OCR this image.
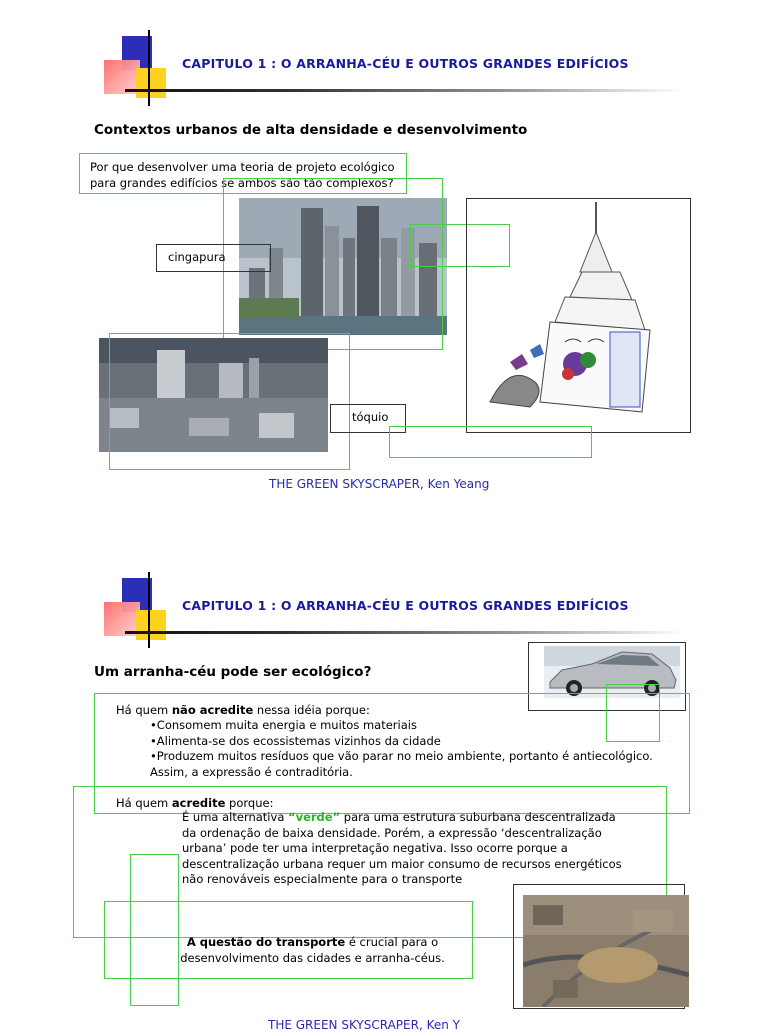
CAPITULO 1 : O ARRANHA-CÉU E OUTROS GRANDES EDIFÍCIOS
Contextos urbanos de alta densidade e desenvolvimento
Por que desenvolver uma teoria de projeto ecológico
para grandes edifícios se ambos são tão complexos?
cingapura
tóquio
THE GREEN SKYSCRAPER, Ken Yeang
CAPITULO 1 : O ARRANHA-CÉU E OUTROS GRANDES EDIFÍCIOS
Um arranha-céu pode ser ecológico?
Há quem não acredite nessa idéia porque:
•Consomem muita energia e muitos materiais
•Alimenta-se dos ecossistemas vizinhos da cidade
•Produzem muitos resíduos que vão parar no meio ambiente, portanto é antiecológico.
Assim, a expressão é contraditória.
Há quem acredite porque:
É uma alternativa “verde” para uma estrutura suburbana descentralizada
da ordenação de baixa densidade. Porém, a expressão ‘descentralização
urbana’ pode ter uma interpretação negativa. Isso ocorre porque a
descentralização urbana requer um maior consumo de recursos energéticos
não renováveis especialmente para o transporte
A questão do transporte é crucial para o
desenvolvimento das cidades e arranha-céus.
THE GREEN SKYSCRAPER, Ken Y
